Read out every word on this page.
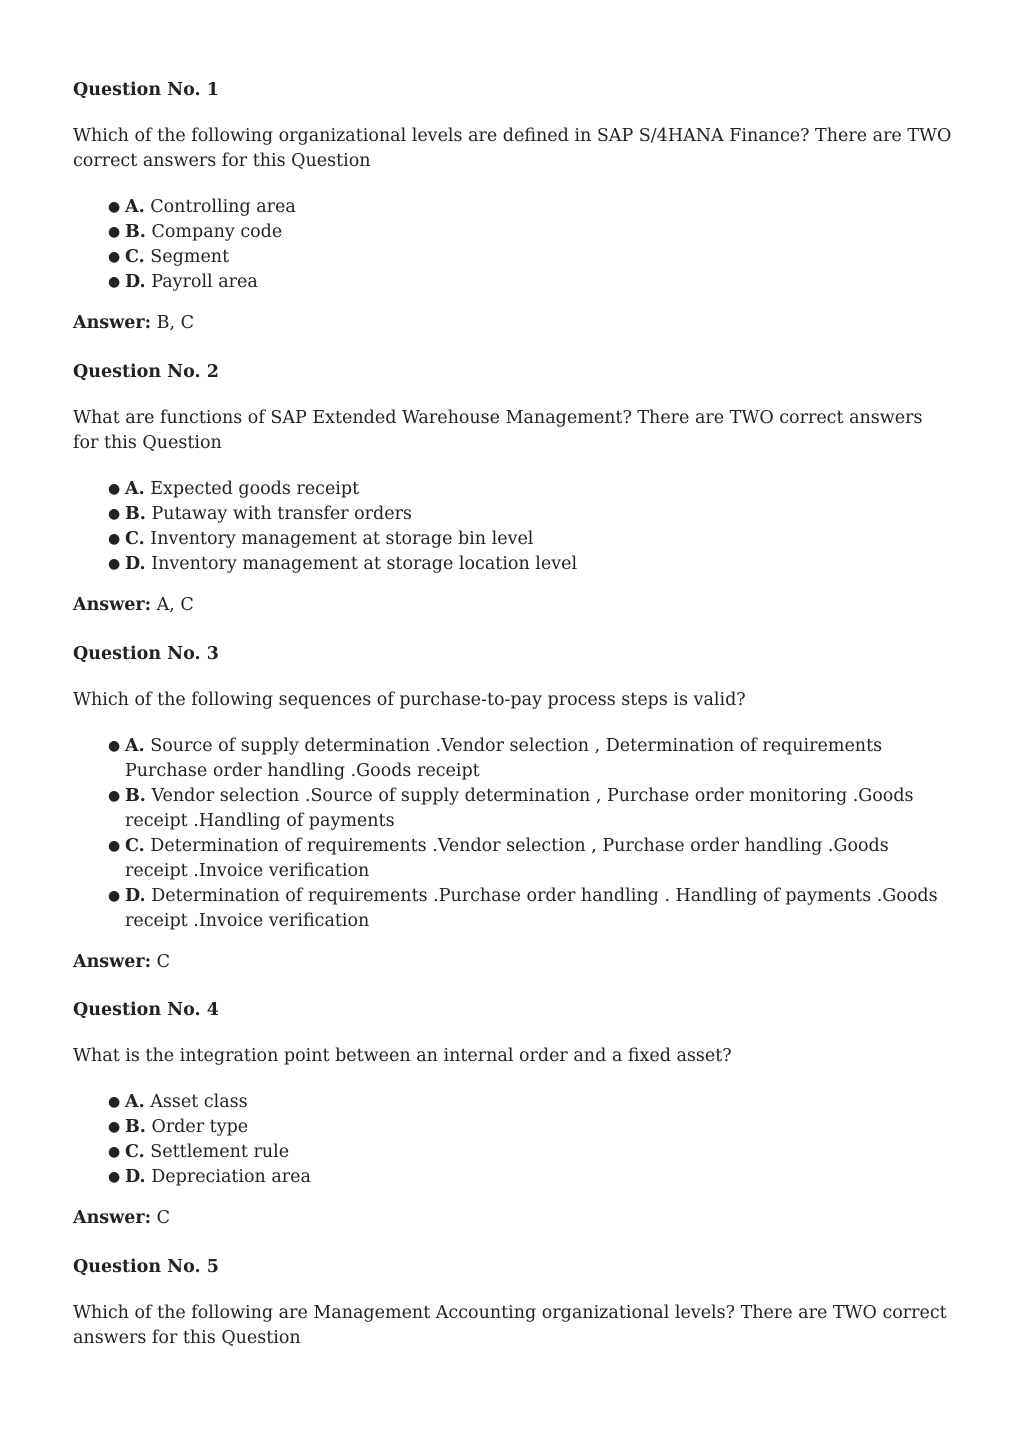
Question No. 1

Which of the following organizational levels are defined in SAP S/4HANA Finance? There are TWO correct answers for this Question

● A. Controlling area
● B. Company code
● C. Segment
● D. Payroll area

Answer: B, C

Question No. 2

What are functions of SAP Extended Warehouse Management? There are TWO correct answers for this Question

● A. Expected goods receipt
● B. Putaway with transfer orders
● C. Inventory management at storage bin level
● D. Inventory management at storage location level

Answer: A, C

Question No. 3

Which of the following sequences of purchase-to-pay process steps is valid?

● A. Source of supply determination .Vendor selection , Determination of requirements Purchase order handling .Goods receipt
● B. Vendor selection .Source of supply determination , Purchase order monitoring .Goods receipt .Handling of payments
● C. Determination of requirements .Vendor selection , Purchase order handling .Goods receipt .Invoice verification
● D. Determination of requirements .Purchase order handling . Handling of payments .Goods receipt .Invoice verification

Answer: C

Question No. 4

What is the integration point between an internal order and a fixed asset?

● A. Asset class
● B. Order type
● C. Settlement rule
● D. Depreciation area

Answer: C

Question No. 5

Which of the following are Management Accounting organizational levels? There are TWO correct answers for this Question
